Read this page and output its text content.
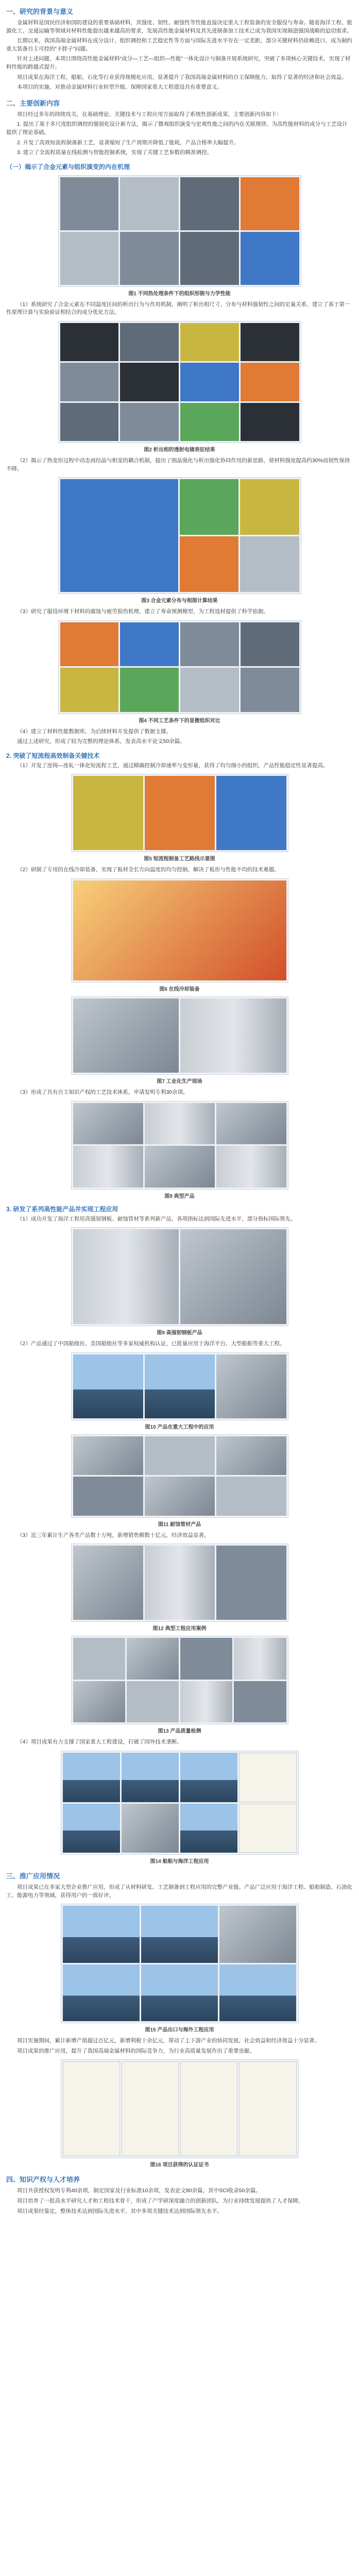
一、研究的背景与意义

金属材料是国民经济和国防建设的重要基础材料，其强度、韧性、耐蚀性等性能直接决定重大工程装备的安全服役与寿命。随着海洋工程、能源化工、交通运输等领域对材料性能提出越来越高的要求，发展高性能金属材料及其先进制备加工技术已成为我国实现制造强国战略的迫切需求。

长期以来，我国高端金属材料在成分设计、组织调控和工艺稳定性等方面与国际先进水平存在一定差距，部分关键材料仍依赖进口，成为制约重大装备自主可控的“卡脖子”问题。

针对上述问题，本项目围绕高性能金属材料“成分—工艺—组织—性能”一体化设计与制备开展系统研究，突破了多项核心关键技术，实现了材料性能的跨越式提升。

项目成果在海洋工程、船舶、石化等行业获得规模化应用，显著提升了我国高端金属材料的自主保障能力，取得了显著的经济和社会效益。

本项目的实施，对推动金属材料行业转型升级、保障国家重大工程建设具有重要意义。

二、主要创新内容

项目经过多年的持续攻关，在基础理论、关键技术与工程应用方面取得了系统性创新成果，主要创新内容如下：

1. 提出了基于多尺度组织调控的强韧化设计新方法，揭示了微观组织演变与宏观性能之间的内在关联规律，为高性能材料的成分与工艺设计提供了理论基础。

2. 开发了高效短流程制备新工艺，显著缩短了生产周期并降低了能耗，产品合格率大幅提升。

3. 建立了全流程质量在线检测与智能控制系统，实现了关键工艺参数的精准调控。

（一）揭示了合金元素与组织演变的内在机理
图1 不同热处理条件下的组织形貌与力学性能

（1）系统研究了合金元素在不同温度区间的析出行为与作用机制，阐明了析出相尺寸、分布与材料强韧性之间的定量关系，建立了基于第一性原理计算与实验验证相结合的成分优化方法。

图2 析出相的透射电镜表征结果

（2）揭示了热变形过程中动态再结晶与相变的耦合机制，提出了细晶强化与析出强化协同作用的新思路，使材料强度提高约30%而韧性保持不降。

图3 合金元素分布与相图计算结果

（3）研究了服役环境下材料的腐蚀与疲劳损伤机理，建立了寿命预测模型，为工程选材提供了科学依据。

图4 不同工艺条件下的显微组织对比

（4）建立了材料性能数据库，为后续材料开发提供了数据支撑。

通过上述研究，形成了较为完整的理论体系，发表高水平论文50余篇。

2. 突破了短流程高效制备关键技术

（1）开发了连铸—连轧一体化短流程工艺，通过精确控制冷却速率与变形量，获得了均匀细小的组织，产品性能稳定性显著提高。

图5 短流程制备工艺路线示意图

（2）研制了专用的在线冷却装备，实现了板材全长方向温度的均匀控制，解决了板形与性能不均的技术难题。

图6 在线冷却装备
图7 工业化生产现场

（3）形成了具有自主知识产权的工艺技术体系，申请发明专利30余项。

图8 典型产品
3. 研发了系列高性能产品并实现工程应用

（1）成功开发了海洋工程用高强韧钢板、耐蚀管材等系列新产品，各项指标达到国际先进水平，部分指标国际领先。

图9 高强韧钢板产品

（2）产品通过了中国船级社、美国船级社等多家权威机构认证，已批量应用于海洋平台、大型船舶等重大工程。

图10 产品在重大工程中的应用
图11 耐蚀管材产品

（3）近三年累计生产各类产品数十万吨，新增销售额数十亿元，经济效益显著。

图12 典型工程应用案例
图13 产品质量检测

（4）项目成果有力支撑了国家重大工程建设，打破了国外技术垄断。

图14 船舶与海洋工程应用
三、推广应用情况

项目成果已在多家大型企业推广应用，形成了从材料研发、工艺制备到工程应用的完整产业链。产品广泛应用于海洋工程、船舶制造、石油化工、能源电力等领域，获得用户的一致好评。

图15 产品出口与海外工程应用

项目实施期间，累计新增产值超过百亿元，新增利税十余亿元，带动了上下游产业的协同发展，社会效益和经济效益十分显著。

项目成果的推广应用，提升了我国高端金属材料的国际竞争力，为行业高质量发展作出了重要贡献。

图16 项目获得的认证证书
四、知识产权与人才培养

项目共获授权发明专利40余项，制定国家及行业标准10余项，发表论文80余篇，其中SCI收录50余篇。

项目培养了一批高水平研究人才和工程技术骨干，形成了产学研深度融合的创新团队，为行业持续发展提供了人才保障。

项目成果经鉴定，整体技术达到国际先进水平，其中多项关键技术达到国际领先水平。
